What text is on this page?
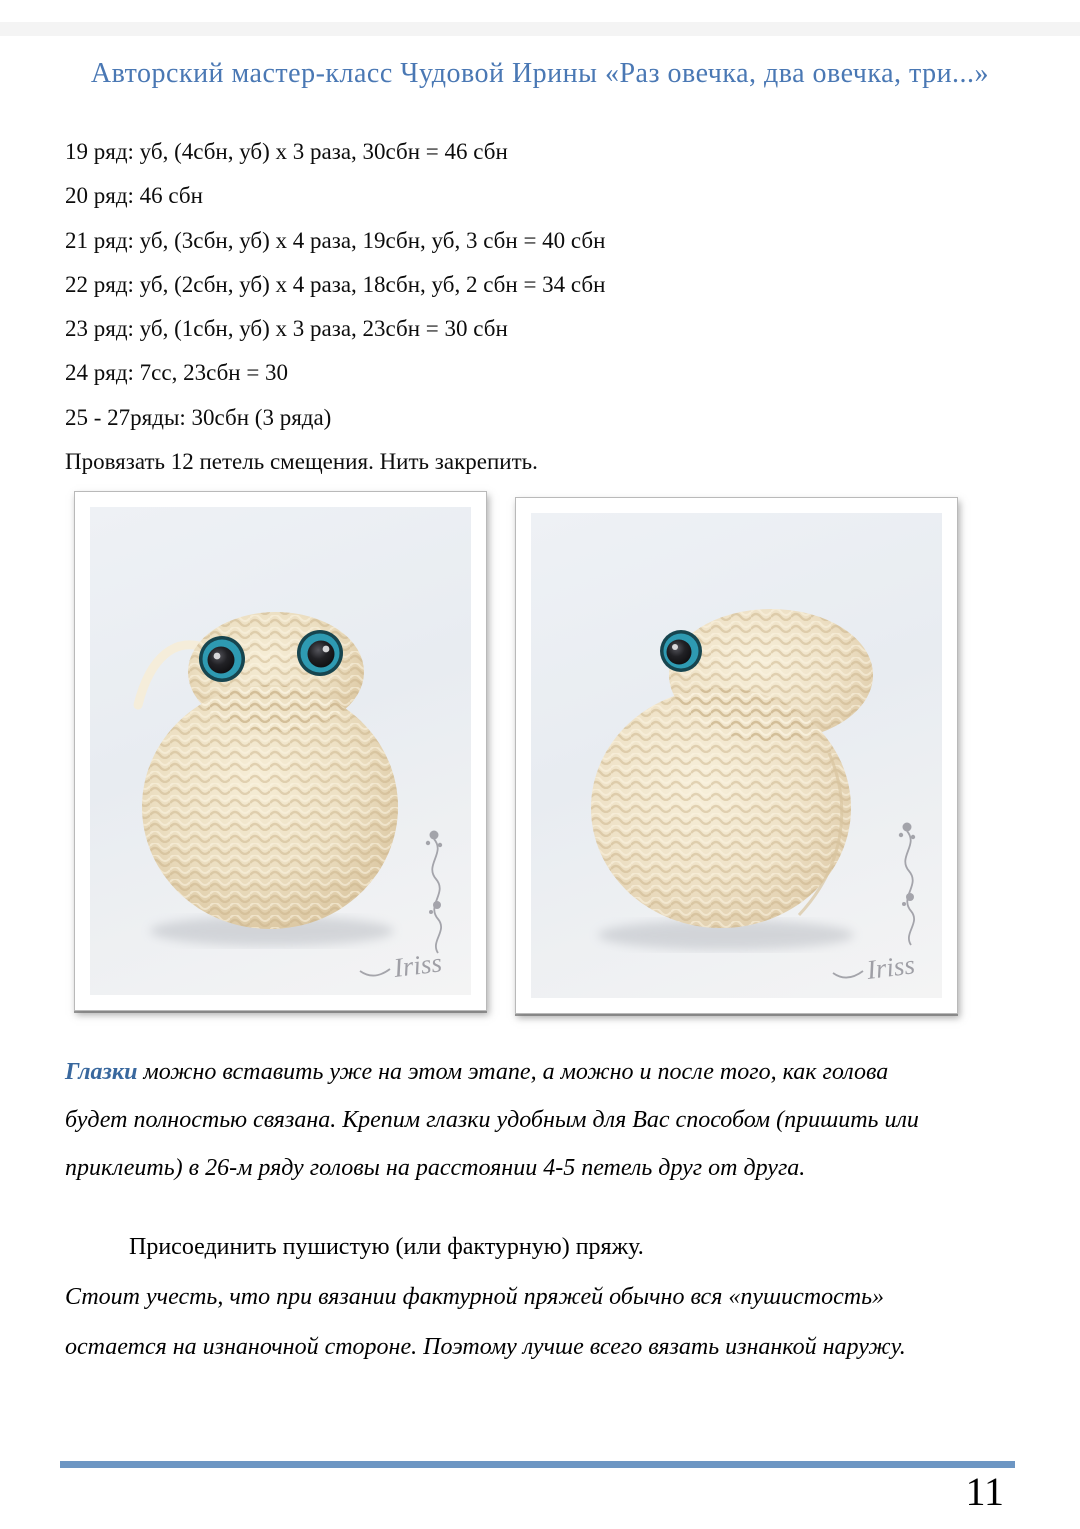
Авторский мастер-класс Чудовой Ирины «Раз овечка, два овечка, три...»
19 ряд: уб, (4сбн, уб) х 3 раза, 30сбн = 46 сбн
20 ряд: 46 сбн
21 ряд: уб, (3сбн, уб) х 4 раза, 19сбн, уб, 3 сбн = 40 сбн
22 ряд: уб, (2сбн, уб) х 4 раза, 18сбн, уб, 2 сбн = 34 сбн
23 ряд: уб, (1сбн, уб) х 3 раза, 23сбн = 30 сбн
24 ряд: 7сс, 23сбн = 30
25 - 27ряды: 30сбн (3 ряда)
Провязать 12 петель смещения. Нить закрепить.
Iriss	Iriss
Глазки можно вставить уже на этом этапе, а можно и после того, как голова
будет полностью связана. Крепим глазки удобным для Вас способом (пришить или
приклеить) в 26-м ряду головы на расстоянии 4-5 петель друг от друга.
Присоединить пушистую (или фактурную) пряжу.
Стоит учесть, что при вязании фактурной пряжей обычно вся «пушистость»
остается на изнаночной стороне. Поэтому лучше всего вязать изнанкой наружу.
11
